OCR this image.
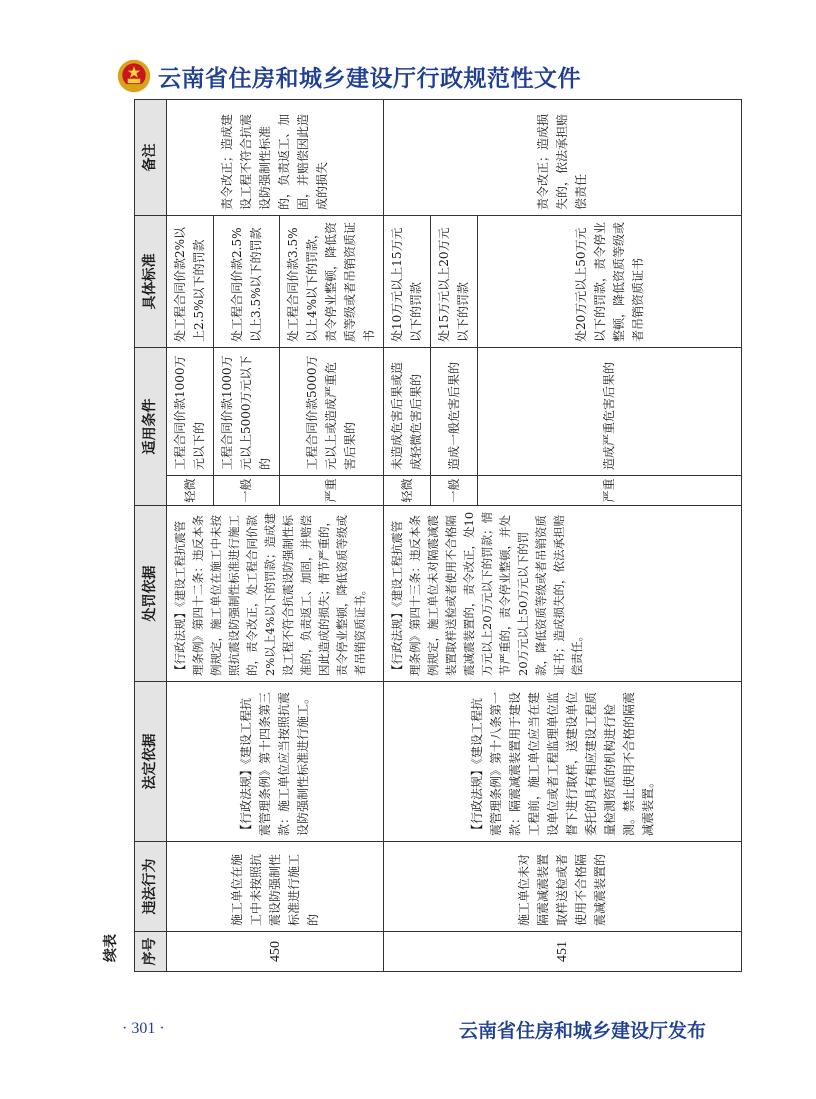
云南省住房和城乡建设厅行政规范性文件
续表 序号	违法行为	法定依据	处罚依据	适用条件		具体标准	备注
450	施工单位在施工中未按照抗震设防强制性标准进行施工的	【行政法规】《建设工程抗震管理条例》第十四条第三款：施工单位应当按照抗震设防强制性标准进行施工。	【行政法规】《建设工程抗震管理条例》第四十二条：违反本条例规定，施工单位在施工中未按照抗震设防强制性标准进行施工的，责令改正，处工程合同价款2%以上4%以下的罚款；造成建设工程不符合抗震设防强制性标准的，负责返工、加固，并赔偿因此造成的损失；情节严重的，责令停业整顿，降低资质等级或者吊销资质证书。	轻微	工程合同价款1000万元以下的	处工程合同价款2%以上2.5%以下的罚款	责令改正；造成建设工程不符合抗震设防强制性标准的，负责返工、加固，并赔偿因此造成的损失
				一般	工程合同价款1000万元以上5000万元以下的	处工程合同价款2.5%以上3.5%以下的罚款	
				严重	工程合同价款5000万元以上或造成严重危害后果的	处工程合同价款3.5%以上4%以下的罚款，责令停业整顿，降低资质等级或者吊销资质证书	
451	施工单位未对隔震减震装置取样送检或者使用不合格隔震减震装置的	【行政法规】《建设工程抗震管理条例》第十八条第一款：隔震减震装置用于建设工程前，施工单位应当在建设单位或者工程监理单位监督下进行取样，送建设单位委托的具有相应建设工程质量检测资质的机构进行检测。禁止使用不合格的隔震减震装置。	【行政法规】《建设工程抗震管理条例》第四十三条：违反本条例规定，施工单位未对隔震减震装置取样送检或者使用不合格隔震减震装置的，责令改正，处10万元以上20万元以下的罚款；情节严重的，责令停业整顿，并处20万元以上50万元以下的罚款，降低资质等级或者吊销资质证书；造成损失的，依法承担赔偿责任。	轻微	未造成危害后果或造成轻微危害后果的	处10万元以上15万元以下的罚款	责令改正；造成损失的，依法承担赔偿责任
				一般	造成一般危害后果的	处15万元以上20万元以下的罚款	
				严重	造成严重危害后果的	处20万元以上50万元以下的罚款，责令停业整顿，降低资质等级或者吊销资质证书	
· 301 ·	云南省住房和城乡建设厅发布
